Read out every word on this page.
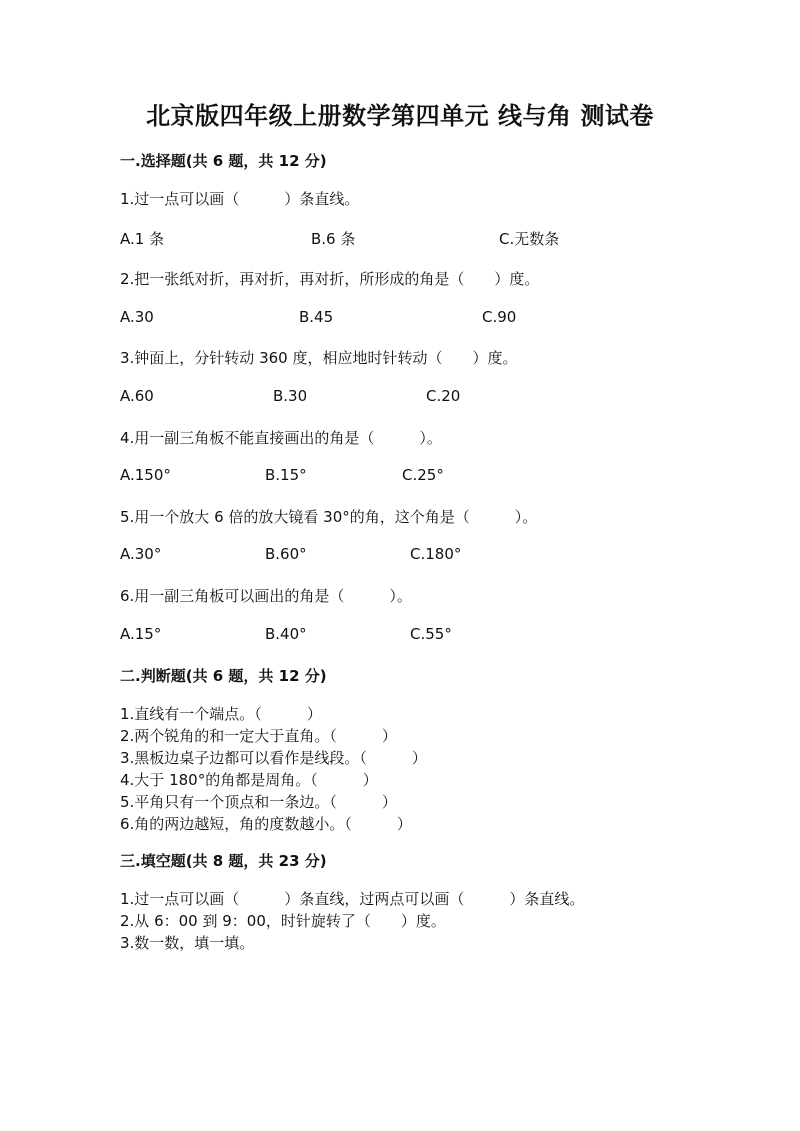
北京版四年级上册数学第四单元 线与角 测试卷
一.选择题(共 6 题，共 12 分)
1.过一点可以画（　　　）条直线。
A.1 条	B.6 条	C.无数条
2.把一张纸对折，再对折，再对折，所形成的角是（　　）度。
A.30	B.45	C.90
3.钟面上，分针转动 360 度，相应地时针转动（　　）度。
A.60	B.30	C.20
4.用一副三角板不能直接画出的角是（　　　）。
A.150°	B.15°	C.25°
5.用一个放大 6 倍的放大镜看 30°的角，这个角是（　　　）。
A.30°	B.60°	C.180°
6.用一副三角板可以画出的角是（　　　）。
A.15°	B.40°	C.55°
二.判断题(共 6 题，共 12 分)
1.直线有一个端点。（　　　）
2.两个锐角的和一定大于直角。（　　　）
3.黑板边桌子边都可以看作是线段。（　　　）
4.大于 180°的角都是周角。（　　　）
5.平角只有一个顶点和一条边。（　　　）
6.角的两边越短，角的度数越小。（　　　）
三.填空题(共 8 题，共 23 分)
1.过一点可以画（　　　）条直线，过两点可以画（　　　）条直线。
2.从 6：00 到 9：00，时针旋转了（　　）度。
3.数一数，填一填。
